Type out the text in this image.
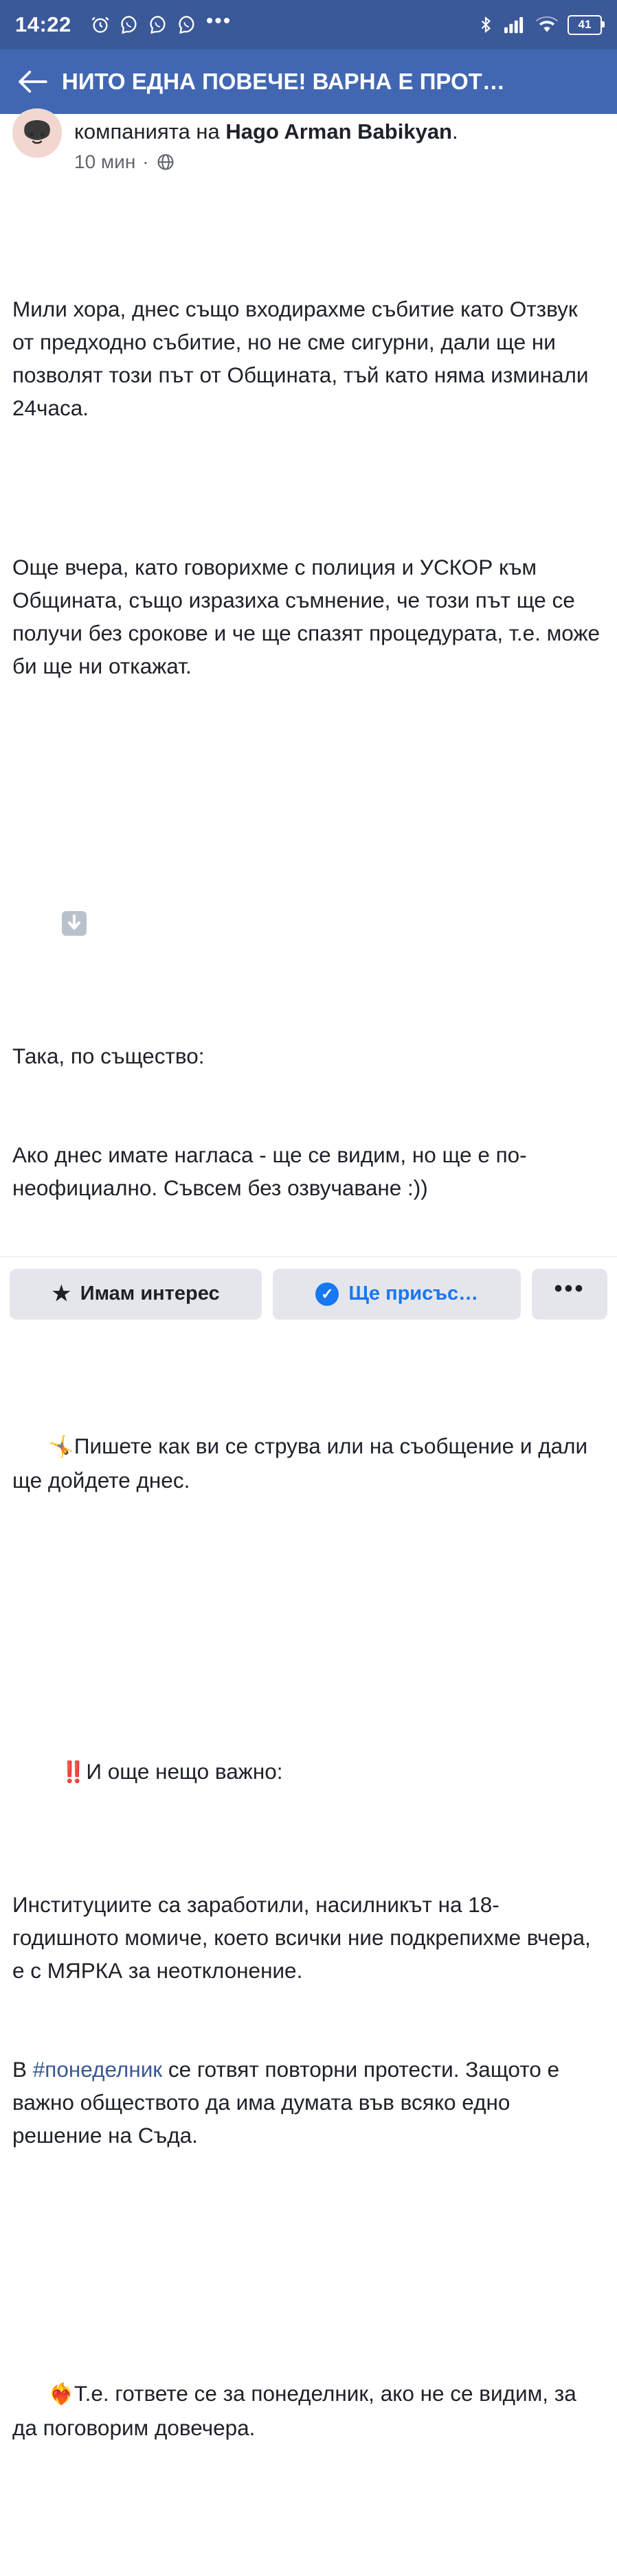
14:22	•••	41
НИТО ЕДНА ПОВЕЧЕ! ВАРНА Е ПРОТ…
компанията на Hago Arman Babikyan.
10 мин ·

Мили хора, днес също входирахме събитие като Отзвук от предходно събитие, но не сме сигурни, дали ще ни позволят този път от Общината, тъй като няма изминали 24часа.

Още вчера, като говорихме с полиция и УСКОР към Общината, също изразиха съмнение, че този път ще се получи без срокове и че ще спазят процедурата, т.е. може би ще ни откажат.

Така, по същество:

Ако днес имате нагласа - ще се видим, но ще е по-неофициално. Съвсем без озвучаване :))

🤸Пишете как ви се струва или на съобщение и дали ще дойдете днес.

‼️И още нещо важно:

Институциите са заработили, насилникът на 18-годишното момиче, което всички ние подкрепихме вчера, е с МЯРКА за неотклонение.

В #понеделник се готвят повторни протести. Защото е важно обществото да има думата във всяко едно решение на Съда.

❤️‍🔥Т.е. гответе се за понеделник, ако не се видим, за да поговорим довечера.

★ Имам интерес	✓ Ще присъс…	•••
